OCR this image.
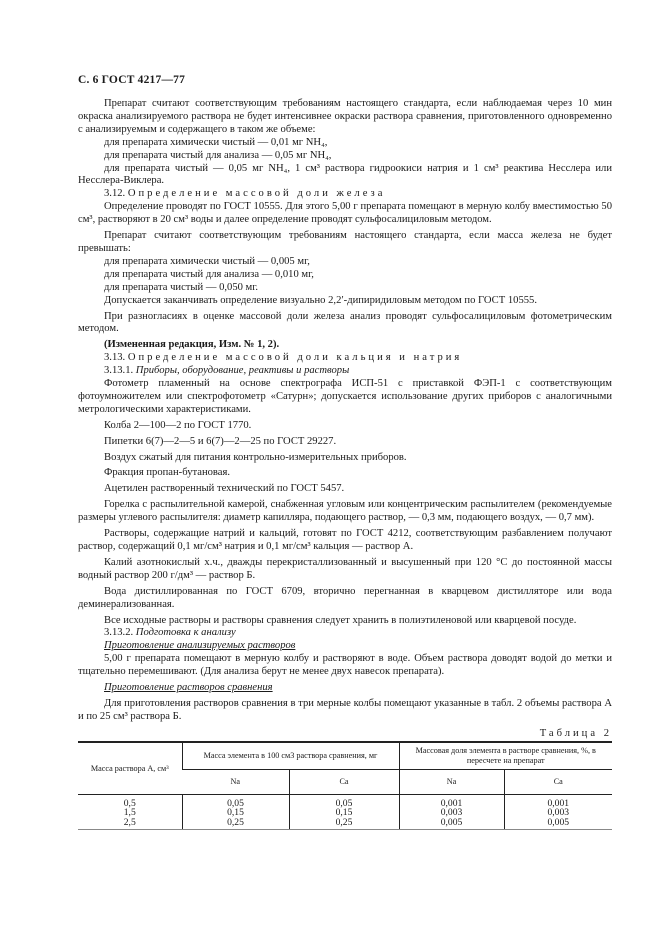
С. 6 ГОСТ 4217—77

Препарат считают соответствующим требованиям настоящего стандарта, если наблюдаемая через 10 мин окраска анализируемого раствора не будет интенсивнее окраски раствора сравнения, приготовленного одновременно с анализируемым и содержащего в таком же объеме:

для препарата химически чистый — 0,01 мг NH₄,

для препарата чистый для анализа — 0,05 мг NH₄,

для препарата чистый — 0,05 мг NH₄, 1 см³ раствора гидроокиси натрия и 1 см³ реактива Несслера или Несслера-Виклера.

3.12. Определение массовой доли железа

Определение проводят по ГОСТ 10555. Для этого 5,00 г препарата помещают в мерную колбу вместимостью 50 см³, растворяют в 20 см³ воды и далее определение проводят сульфосалициловым методом.

Препарат считают соответствующим требованиям настоящего стандарта, если масса железа не будет превышать:

для препарата химически чистый — 0,005 мг,

для препарата чистый для анализа — 0,010 мг,

для препарата чистый — 0,050 мг.

Допускается заканчивать определение визуально 2,2′-дипиридиловым методом по ГОСТ 10555.

При разногласиях в оценке массовой доли железа анализ проводят сульфосалициловым фотометрическим методом.

(Измененная редакция, Изм. № 1, 2).

3.13. Определение массовой доли кальция и натрия

3.13.1. Приборы, оборудование, реактивы и растворы

Фотометр пламенный на основе спектрографа ИСП-51 с приставкой ФЭП-1 с соответствующим фотоумножителем или спектрофотометр «Сатурн»; допускается использование других приборов с аналогичными метрологическими характеристиками.

Колба 2—100—2 по ГОСТ 1770.

Пипетки 6(7)—2—5 и 6(7)—2—25 по ГОСТ 29227.

Воздух сжатый для питания контрольно-измерительных приборов.

Фракция пропан-бутановая.

Ацетилен растворенный технический по ГОСТ 5457.

Горелка с распылительной камерой, снабженная угловым или концентрическим распылителем (рекомендуемые размеры углевого распылителя: диаметр капилляра, подающего раствор, — 0,3 мм, подающего воздух, — 0,7 мм).

Растворы, содержащие натрий и кальций, готовят по ГОСТ 4212, соответствующим разбавлением получают раствор, содержащий 0,1 мг/см³ натрия и 0,1 мг/см³ кальция — раствор А.

Калий азотнокислый х.ч., дважды перекристаллизованный и высушенный при 120 °С до постоянной массы водный раствор 200 г/дм³ — раствор Б.

Вода дистиллированная по ГОСТ 6709, вторично перегнанная в кварцевом дистилляторе или вода деминерализованная.

Все исходные растворы и растворы сравнения следует хранить в полиэтиленовой или кварцевой посуде.

3.13.2. Подготовка к анализу

Приготовление анализируемых растворов

5,00 г препарата помещают в мерную колбу и растворяют в воде. Объем раствора доводят водой до метки и тщательно перемешивают. (Для анализа берут не менее двух навесок препарата).

Приготовление растворов сравнения

Для приготовления растворов сравнения в три мерные колбы помещают указанные в табл. 2 объемы раствора А и по 25 см³ раствора Б.

Таблица 2

Масса раствора А, см³	Масса элемента в 100 см3 раствора сравнения, мг		Массовая доля элемента в растворе сравнения, %, в пересчете на препарат	
	Na	Ca	Na	Ca
0,5	0,05	0,05	0,001	0,001
1,5	0,15	0,15	0,003	0,003
2,5	0,25	0,25	0,005	0,005
